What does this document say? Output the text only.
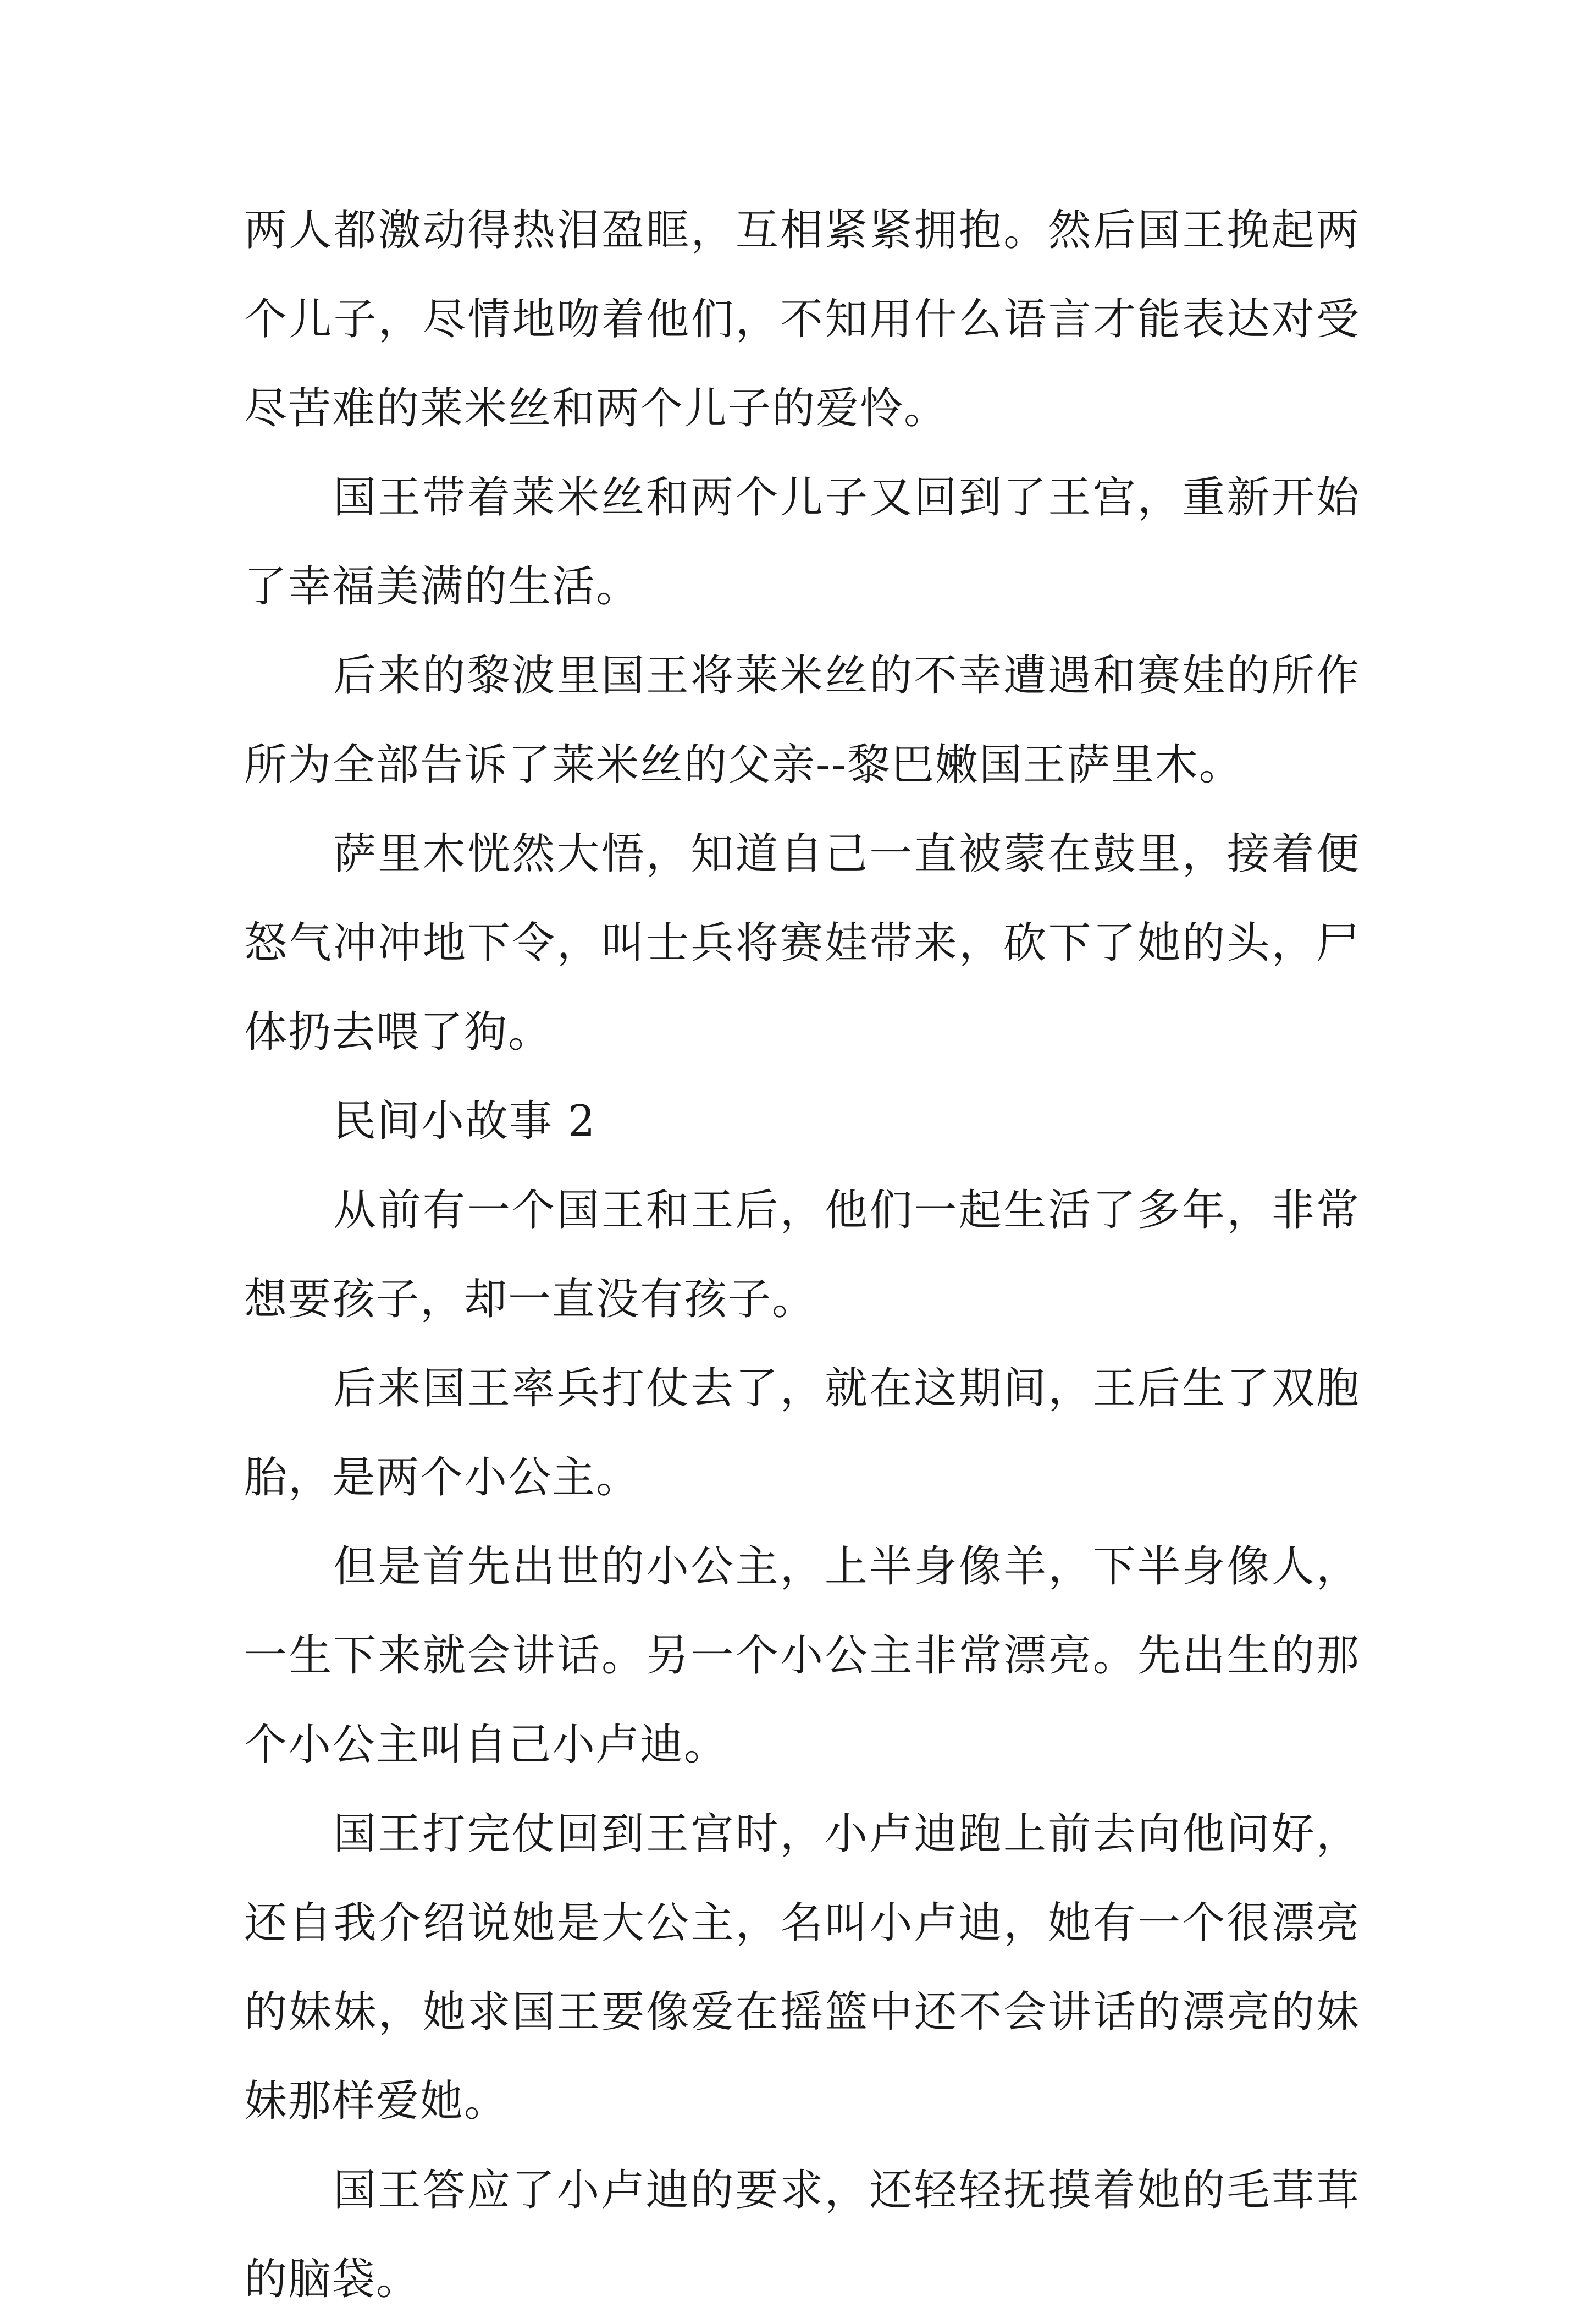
两人都激动得热泪盈眶，互相紧紧拥抱。然后国王挽起两个儿子，尽情地吻着他们，不知用什么语言才能表达对受尽苦难的莱米丝和两个儿子的爱怜。

国王带着莱米丝和两个儿子又回到了王宫，重新开始了幸福美满的生活。

后来的黎波里国王将莱米丝的不幸遭遇和赛娃的所作所为全部告诉了莱米丝的父亲--黎巴嫩国王萨里木。

萨里木恍然大悟，知道自己一直被蒙在鼓里，接着便怒气冲冲地下令，叫士兵将赛娃带来，砍下了她的头，尸体扔去喂了狗。

民间小故事 2

从前有一个国王和王后，他们一起生活了多年，非常想要孩子，却一直没有孩子。

后来国王率兵打仗去了，就在这期间，王后生了双胞胎，是两个小公主。

但是首先出世的小公主，上半身像羊，下半身像人，一生下来就会讲话。另一个小公主非常漂亮。先出生的那个小公主叫自己小卢迪。

国王打完仗回到王宫时，小卢迪跑上前去向他问好，还自我介绍说她是大公主，名叫小卢迪，她有一个很漂亮的妹妹，她求国王要像爱在摇篮中还不会讲话的漂亮的妹妹那样爱她。

国王答应了小卢迪的要求，还轻轻抚摸着她的毛茸茸的脑袋。
